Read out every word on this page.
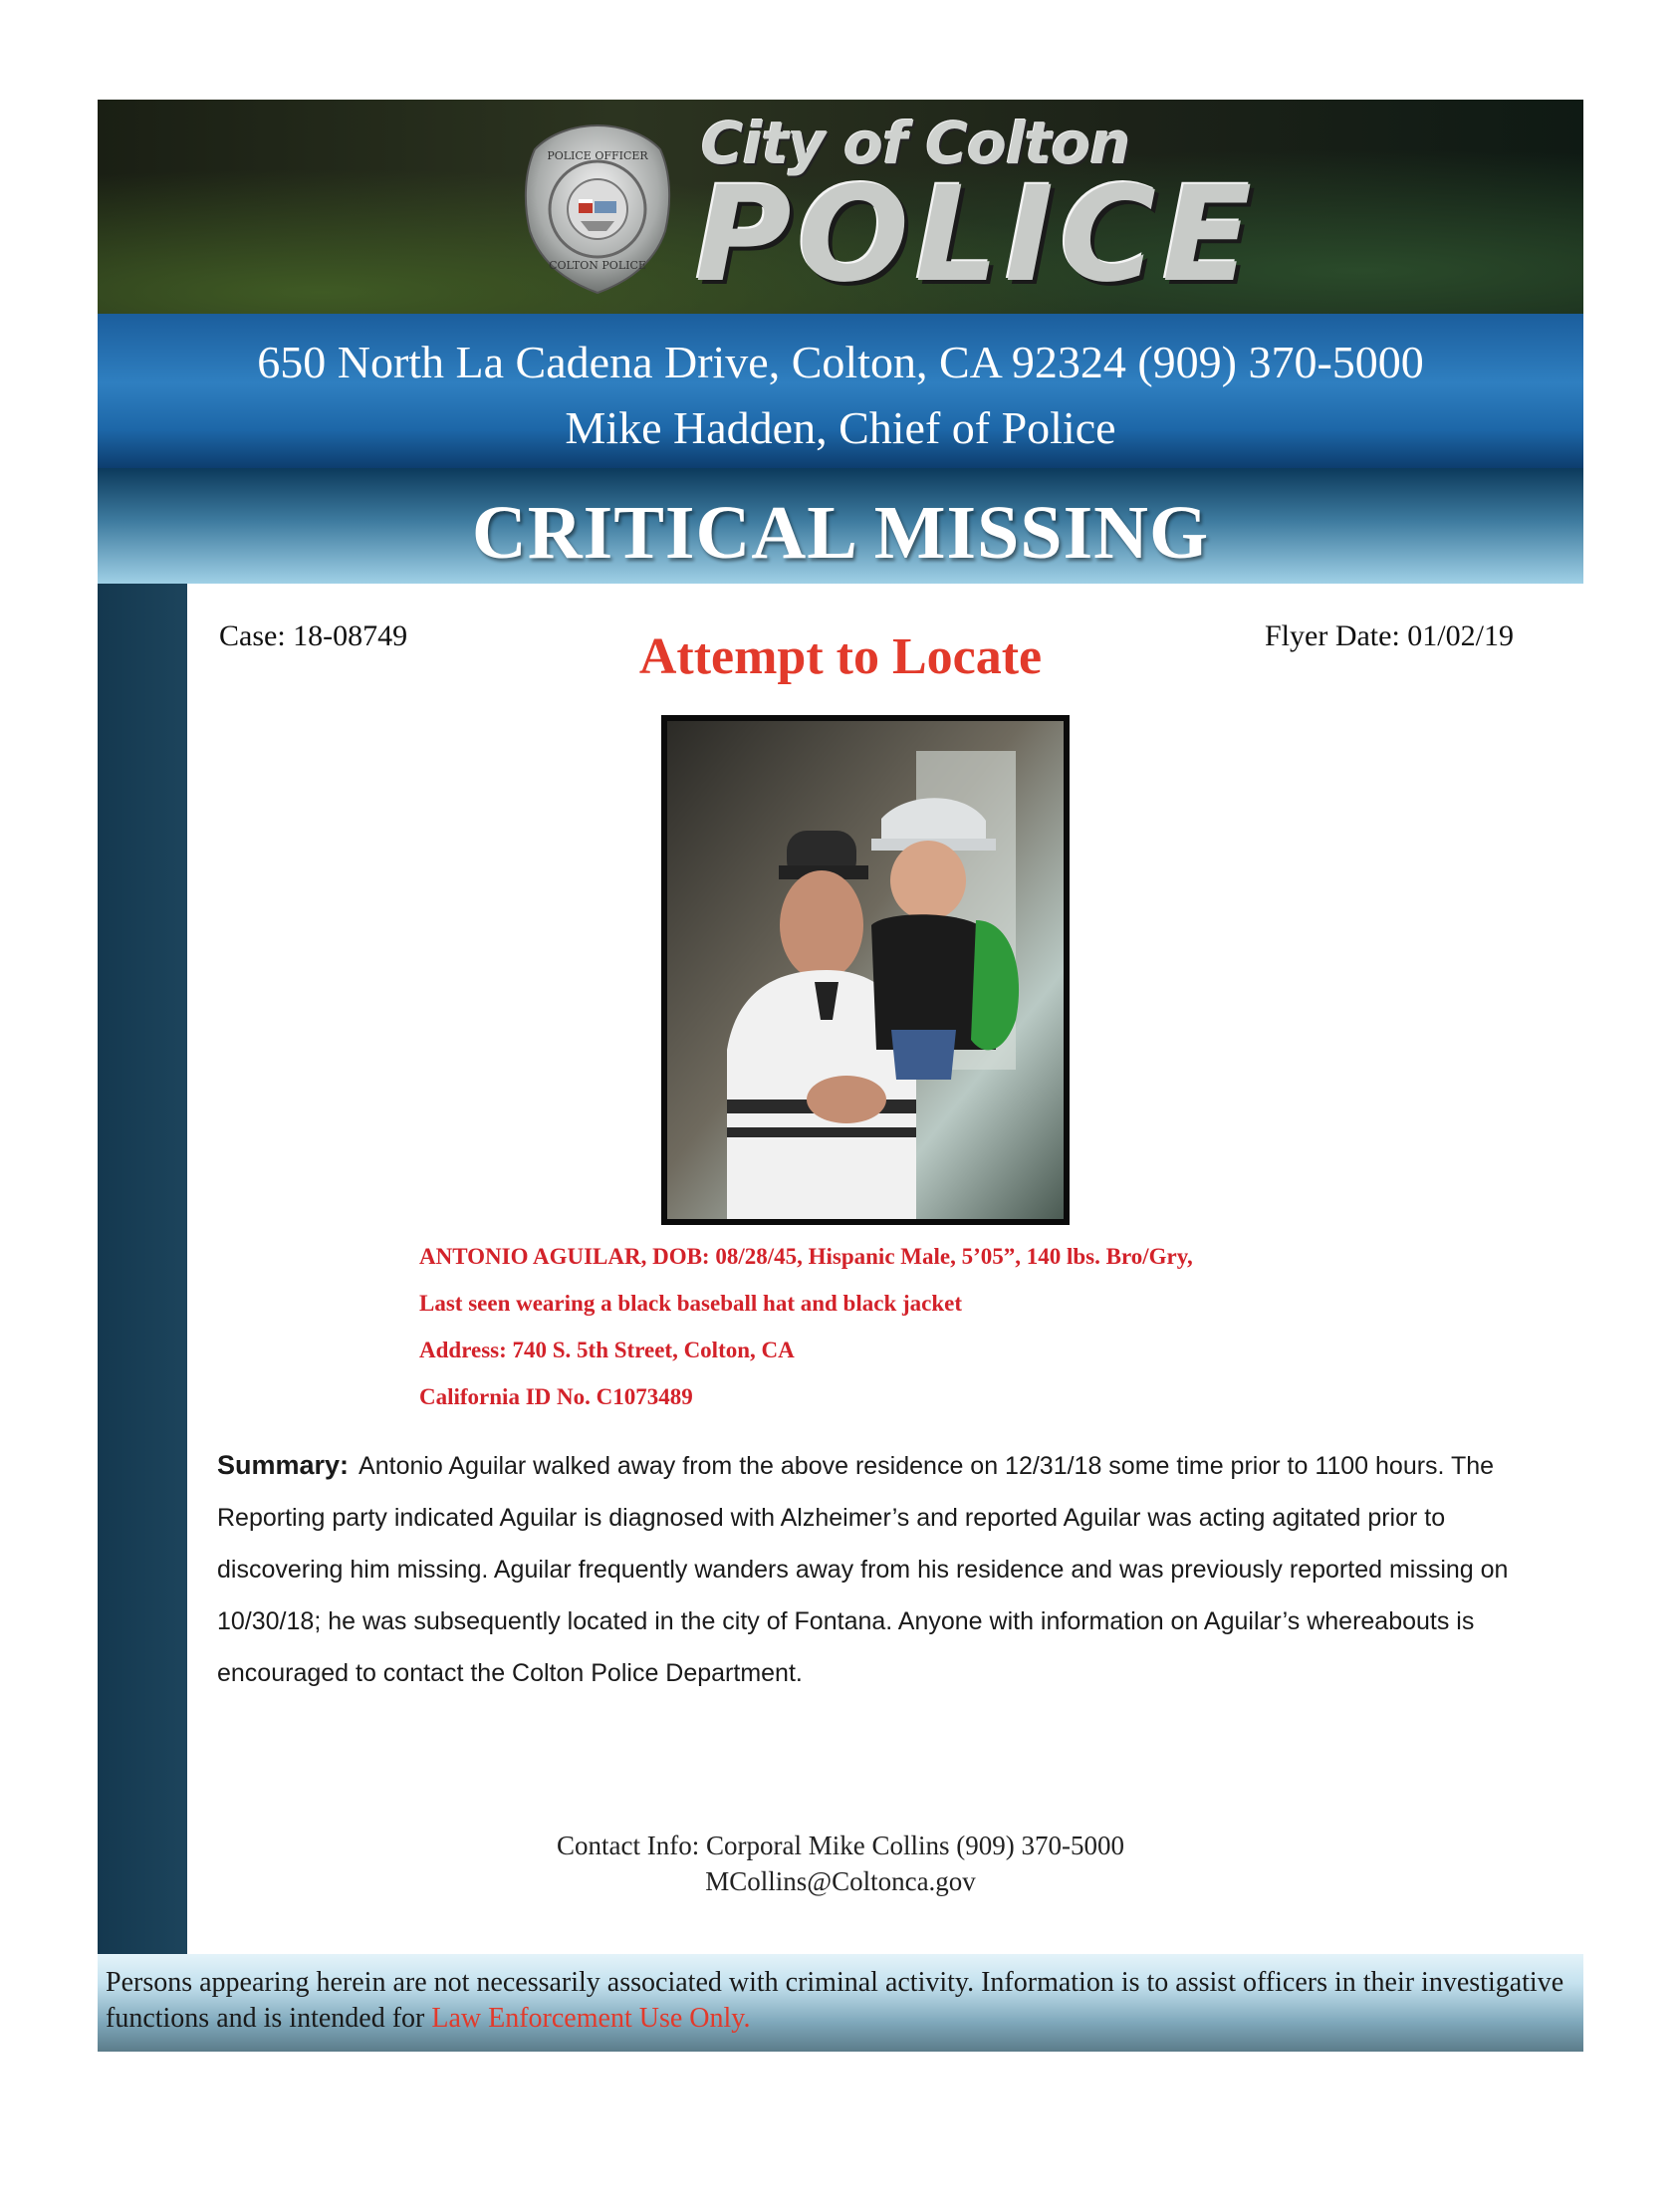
POLICE OFFICER
COLTON POLICE
City of Colton
POLICE
650 North La Cadena Drive, Colton, CA 92324 (909) 370-5000
Mike Hadden, Chief of Police
CRITICAL MISSING
Case: 18-08749	Flyer Date: 01/02/19
Attempt to Locate
ANTONIO AGUILAR, DOB: 08/28/45, Hispanic Male, 5’05”, 140 lbs. Bro/Gry,
Last seen wearing a black baseball hat and black jacket
Address: 740 S. 5th Street, Colton, CA
California ID No. C1073489
Summary: Antonio Aguilar walked away from the above residence on 12/31/18 some time prior to 1100 hours. The Reporting party indicated Aguilar is diagnosed with Alzheimer’s and reported Aguilar was acting agitated prior to discovering him missing. Aguilar frequently wanders away from his residence and was previously reported missing on 10/30/18; he was subsequently located in the city of Fontana. Anyone with information on Aguilar’s whereabouts is encouraged to contact the Colton Police Department.
Contact Info: Corporal Mike Collins (909) 370-5000
MCollins@Coltonca.gov
Persons appearing herein are not necessarily associated with criminal activity. Information is to assist officers in their investigative functions and is intended for Law Enforcement Use Only.
